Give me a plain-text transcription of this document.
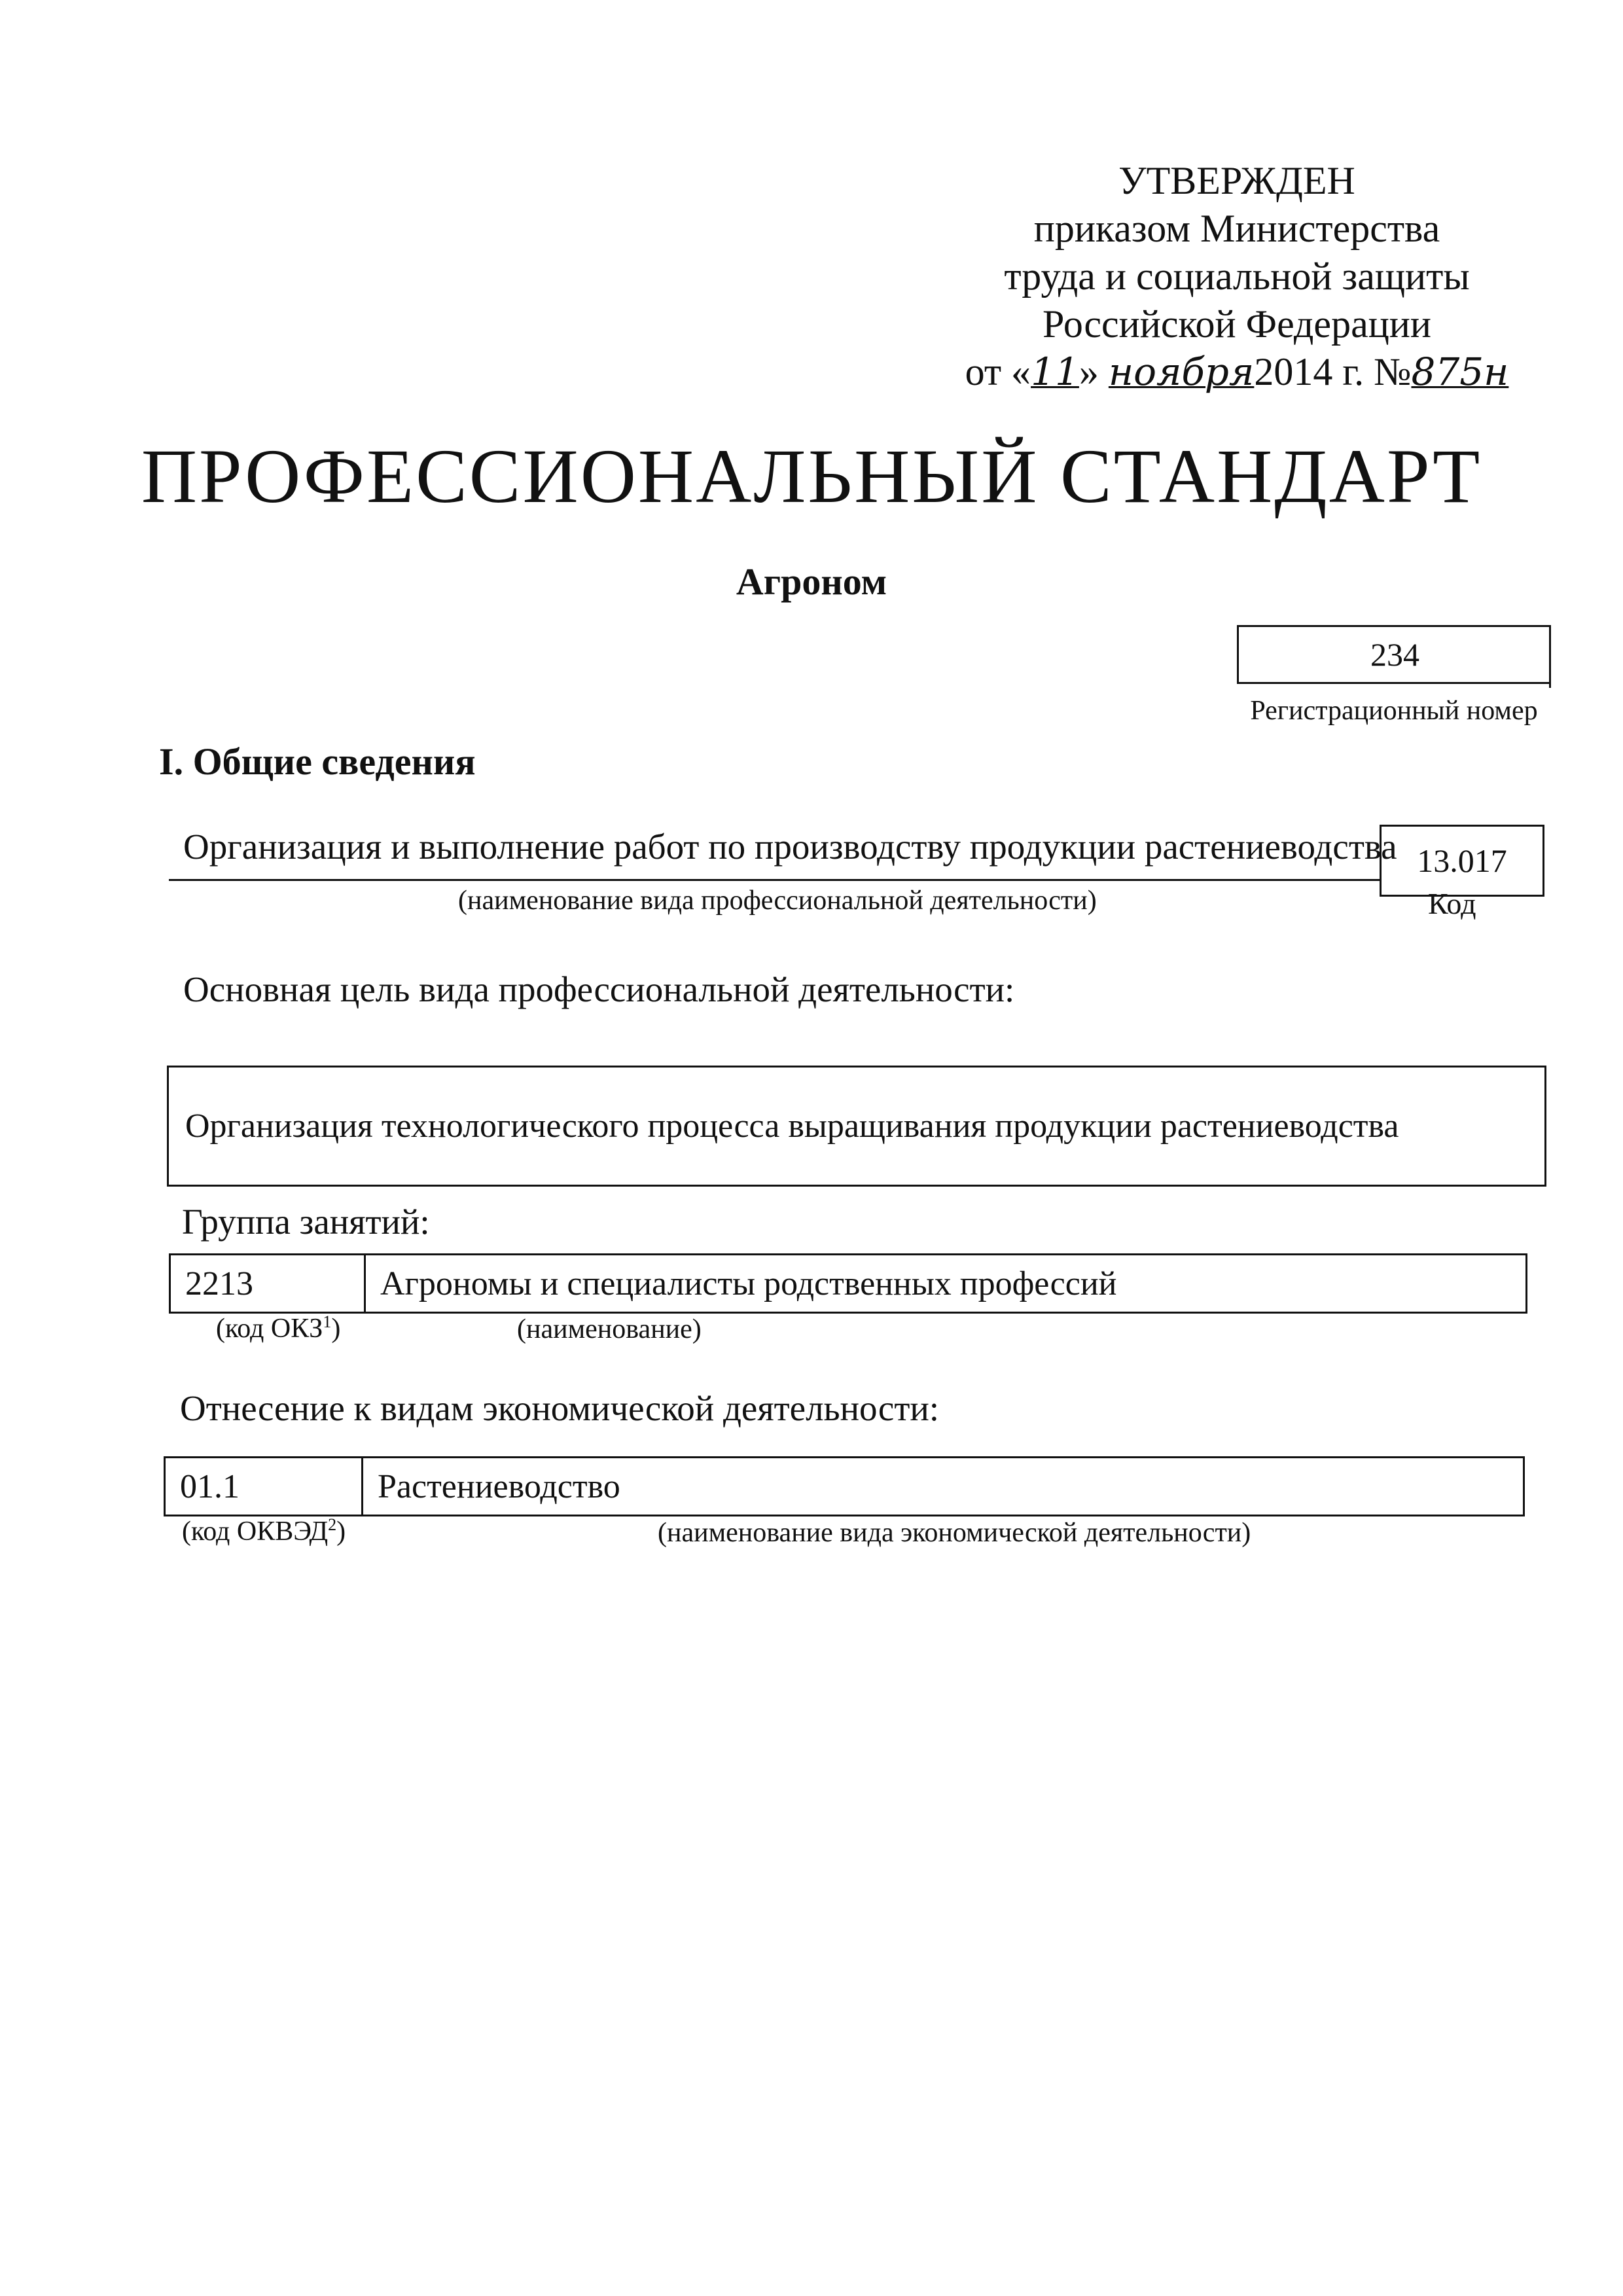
УТВЕРЖДЕН
приказом Министерства
труда и социальной защиты
Российской Федерации
от «11» ноября2014 г. №875н
ПРОФЕССИОНАЛЬНЫЙ СТАНДАРТ
Агроном
234
Регистрационный номер
I. Общие сведения
Организация и выполнение работ по производству продукции растениеводства 13.017
(наименование вида профессиональной деятельности)	Код
Основная цель вида профессиональной деятельности:
Организация технологического процесса выращивания продукции растениеводства
Группа занятий:
2213	Агрономы и специалисты родственных профессий
(код ОКЗ$^1$)	(наименование)
Отнесение к видам экономической деятельности:
01.1	Растениеводство
(код ОКВЭД$^2$)	(наименование вида экономической деятельности)
